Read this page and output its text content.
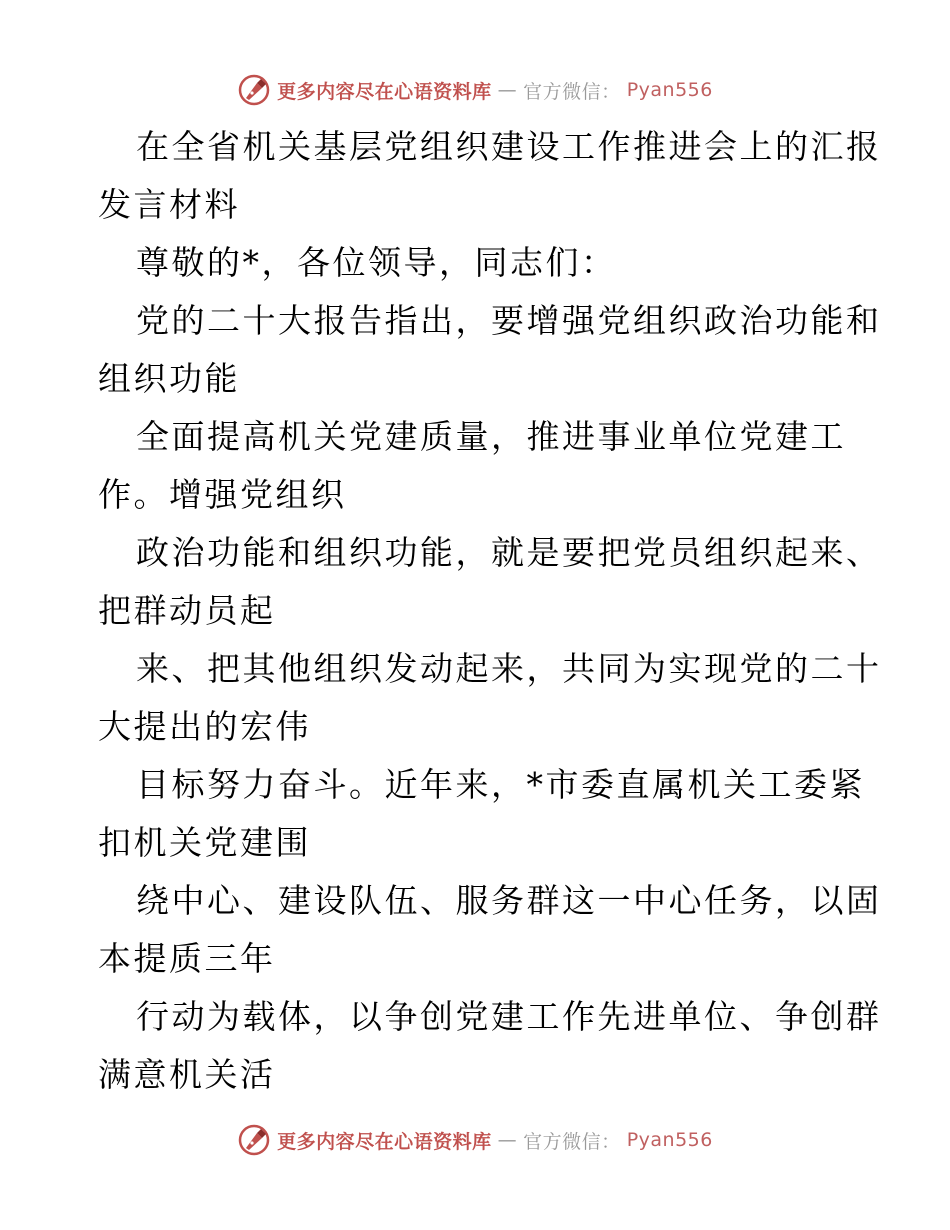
更多内容尽在心语资料库 — 官方微信： Pyan556
在全省机关基层党组织建设工作推进会上的汇报
发言材料
尊敬的*，各位领导，同志们：
党的二十大报告指出，要增强党组织政治功能和
组织功能
全面提高机关党建质量，推进事业单位党建工
作。增强党组织
政治功能和组织功能，就是要把党员组织起来、
把群动员起
来、把其他组织发动起来，共同为实现党的二十
大提出的宏伟
目标努力奋斗。近年来，*市委直属机关工委紧
扣机关党建围
绕中心、建设队伍、服务群这一中心任务，以固
本提质三年
行动为载体，以争创党建工作先进单位、争创群
满意机关活
更多内容尽在心语资料库 — 官方微信： Pyan556
